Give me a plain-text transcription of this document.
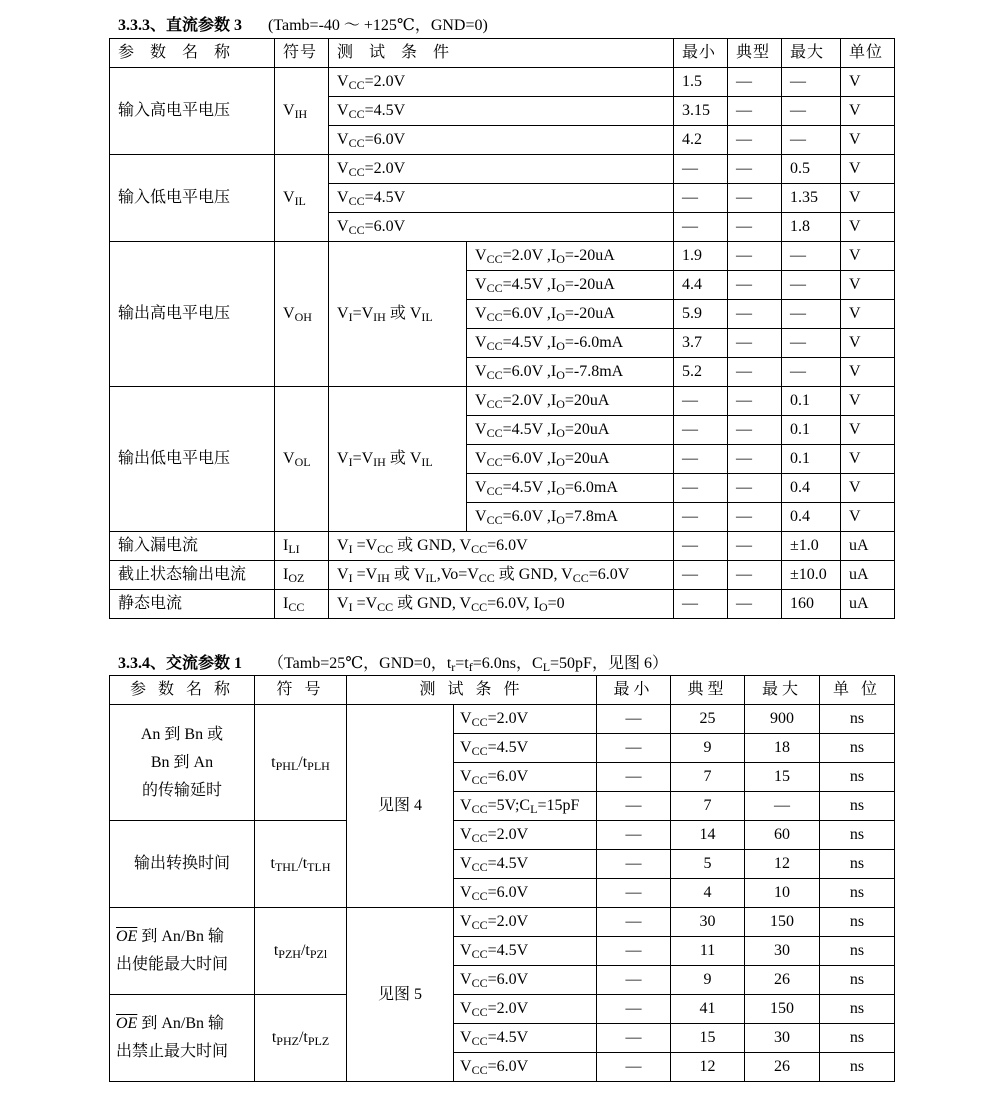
3.3.3、直流参数 3 (Tamb=-40 ～ +125℃，GND=0)
参 数 名 称	符号	测 试 条 件		最小	典型	最大	单位
输入高电平电压	$V_{IH}$	$V_{CC}=2.0V$		1.5	—	—	V
		$V_{CC}=4.5V$		3.15	—	—	V
		$V_{CC}=6.0V$		4.2	—	—	V
输入低电平电压	$V_{IL}$	$V_{CC}=2.0V$		—	—	0.5	V
		$V_{CC}=4.5V$		—	—	1.35	V
		$V_{CC}=6.0V$		—	—	1.8	V
输出高电平电压	$V_{OH}$	$V_I=V_{IH}$ 或 $V_{IL}$	$V_{CC}=2.0V$ $,I_O=-20uA$	1.9	—	—	V
			$V_{CC}=4.5V$ $,I_O=-20uA$	4.4	—	—	V
			$V_{CC}=6.0V$ $,I_O=-20uA$	5.9	—	—	V
			$V_{CC}=4.5V$ $,I_O=-6.0mA$	3.7	—	—	V
			$V_{CC}=6.0V$ $,I_O=-7.8mA$	5.2	—	—	V
输出低电平电压	$V_{OL}$	$V_I=V_{IH}$ 或 $V_{IL}$	$V_{CC}=2.0V$ $,I_O=20uA$	—	—	0.1	V
			$V_{CC}=4.5V$ $,I_O=20uA$	—	—	0.1	V
			$V_{CC}=6.0V$ $,I_O=20uA$	—	—	0.1	V
			$V_{CC}=4.5V$ $,I_O=6.0mA$	—	—	0.4	V
			$V_{CC}=6.0V$ $,I_O=7.8mA$	—	—	0.4	V
输入漏电流	$I_{LI}$	$V_I =V_{CC}$ 或 GND, $V_{CC}=6.0V$		—	—	±1.0	uA
截止状态输出电流	$I_{OZ}$	$V_I =V_{IH}$ 或 $V_{IL},Vo=V_{CC}$ 或 GND, $V_{CC}=6.0V$		—	—	±10.0	uA
静态电流	$I_{CC}$	$V_I =V_{CC}$ 或 GND, $V_{CC}=6.0V$, $I_O=0$		—	—	160	uA
3.3.4、交流参数 1 （Tamb=25℃，GND=0，$t_r=t_f=6.0ns$，$C_L=50pF$，见图 6）
参 数 名 称	符 号	测 试 条 件		最小	典型	最大	单 位
An 到 Bn 或
Bn 到 An
的传输延时	$t_{PHL}/t_{PLH}$	见图 4	$V_{CC}=2.0V$	—	25	900	ns
			$V_{CC}=4.5V$	—	9	18	ns
			$V_{CC}=6.0V$	—	7	15	ns
			$V_{CC}=5V;C_L=15pF$	—	7	—	ns
输出转换时间	$t_{THL}/t_{TLH}$		$V_{CC}=2.0V$	—	14	60	ns
			$V_{CC}=4.5V$	—	5	12	ns
			$V_{CC}=6.0V$	—	4	10	ns
$\overline{OE}$ 到 An/Bn 输
出使能最大时间	$t_{PZH}/t_{PZl}$	见图 5	$V_{CC}=2.0V$	—	30	150	ns
			$V_{CC}=4.5V$	—	11	30	ns
			$V_{CC}=6.0V$	—	9	26	ns
$\overline{OE}$ 到 An/Bn 输
出禁止最大时间	$t_{PHZ}/t_{PLZ}$		$V_{CC}=2.0V$	—	41	150	ns
			$V_{CC}=4.5V$	—	15	30	ns
			$V_{CC}=6.0V$	—	12	26	ns
